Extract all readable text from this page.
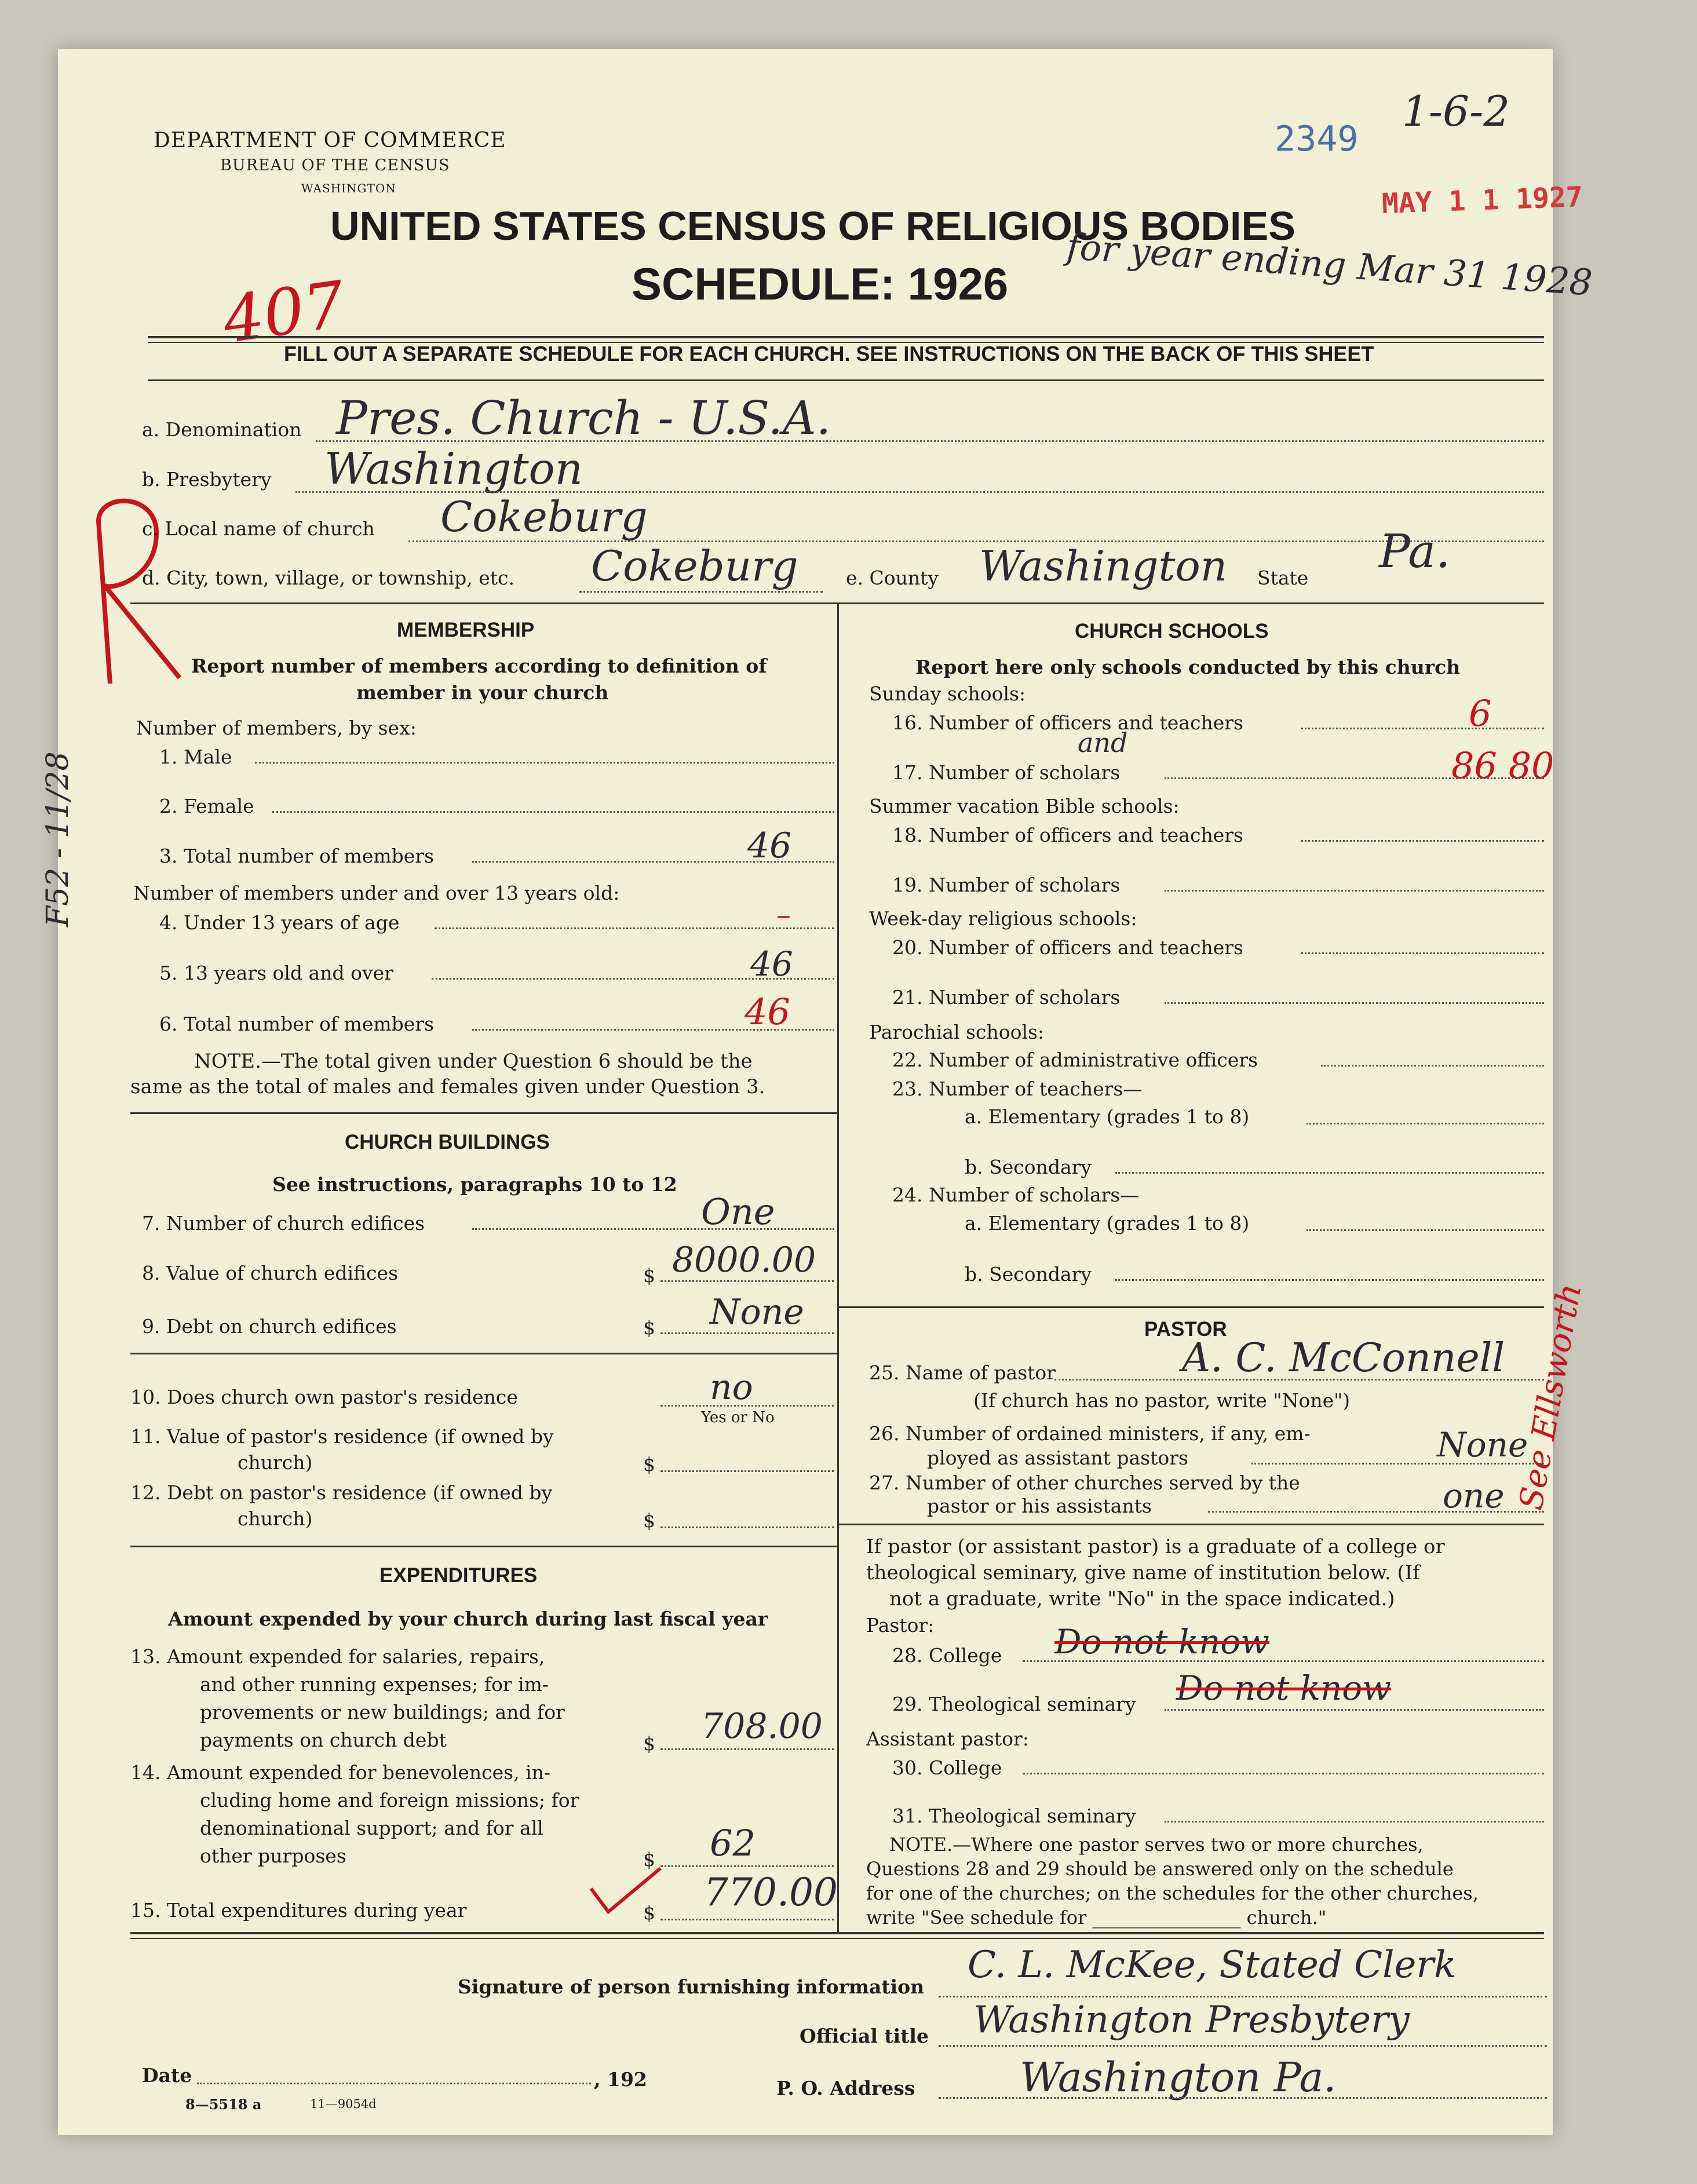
DEPARTMENT OF COMMERCE
BUREAU OF THE CENSUS
WASHINGTON
UNITED STATES CENSUS OF RELIGIOUS BODIES
SCHEDULE: 1926 for year ending Mar 31 1928
2349
1-6-2
MAY 1 1 1927
407
F52 - 11/28
FILL OUT A SEPARATE SCHEDULE FOR EACH CHURCH. SEE INSTRUCTIONS ON THE BACK OF THIS SHEET
a. Denomination Pres. Church - U.S.A.
b. Presbytery Washington
c. Local name of church Cokeburg
d. City, town, village, or township, etc. Cokeburg e. County Washington State Pa.
MEMBERSHIP
Report number of members according to definition of
member in your church
Number of members, by sex:
1. Male
2. Female
3. Total number of members	46
Number of members under and over 13 years old:
4. Under 13 years of age	–
5. 13 years old and over	46
6. Total number of members	46
NOTE.—The total given under Question 6 should be the
same as the total of males and females given under Question 3.
CHURCH BUILDINGS
See instructions, paragraphs 10 to 12
7. Number of church edifices	One
8. Value of church edifices	$ 8000.00
9. Debt on church edifices	$ None
10. Does church own pastor's residence	no
Yes or No
11. Value of pastor's residence (if owned by
church)	$
12. Debt on pastor's residence (if owned by
church)	$
EXPENDITURES
Amount expended by your church during last fiscal year
13. Amount expended for salaries, repairs,
and other running expenses; for im-
provements or new buildings; and for
payments on church debt	$ 708.00
14. Amount expended for benevolences, in-
cluding home and foreign missions; for
denominational support; and for all
other purposes	$ 62
15. Total expenditures during year	$ 770.00
CHURCH SCHOOLS
Report here only schools conducted by this church
Sunday schools:
16. Number of officers and teachers	6
and
17. Number of scholars	86 80
Summer vacation Bible schools:
18. Number of officers and teachers
19. Number of scholars
Week-day religious schools:
20. Number of officers and teachers
21. Number of scholars
Parochial schools:
22. Number of administrative officers
23. Number of teachers—
a. Elementary (grades 1 to 8)
b. Secondary
24. Number of scholars—
a. Elementary (grades 1 to 8)
b. Secondary
PASTOR
25. Name of pastor	A. C. McConnell
(If church has no pastor, write "None")
26. Number of ordained ministers, if any, em-
ployed as assistant pastors	None
27. Number of other churches served by the
pastor or his assistants	one See Ellsworth
If pastor (or assistant pastor) is a graduate of a college or
theological seminary, give name of institution below. (If
not a graduate, write "No" in the space indicated.)
Pastor:
28. College Do not know
29. Theological seminary Do not know
Assistant pastor:
30. College
31. Theological seminary
NOTE.—Where one pastor serves two or more churches,
Questions 28 and 29 should be answered only on the schedule
for one of the churches; on the schedules for the other churches,
write "See schedule for ________________ church."
Signature of person furnishing information
C. L. McKee, Stated Clerk
Official title Washington Presbytery
P. O. Address	Washington Pa.
Date	, 192
8—5518 a	11—9054d
